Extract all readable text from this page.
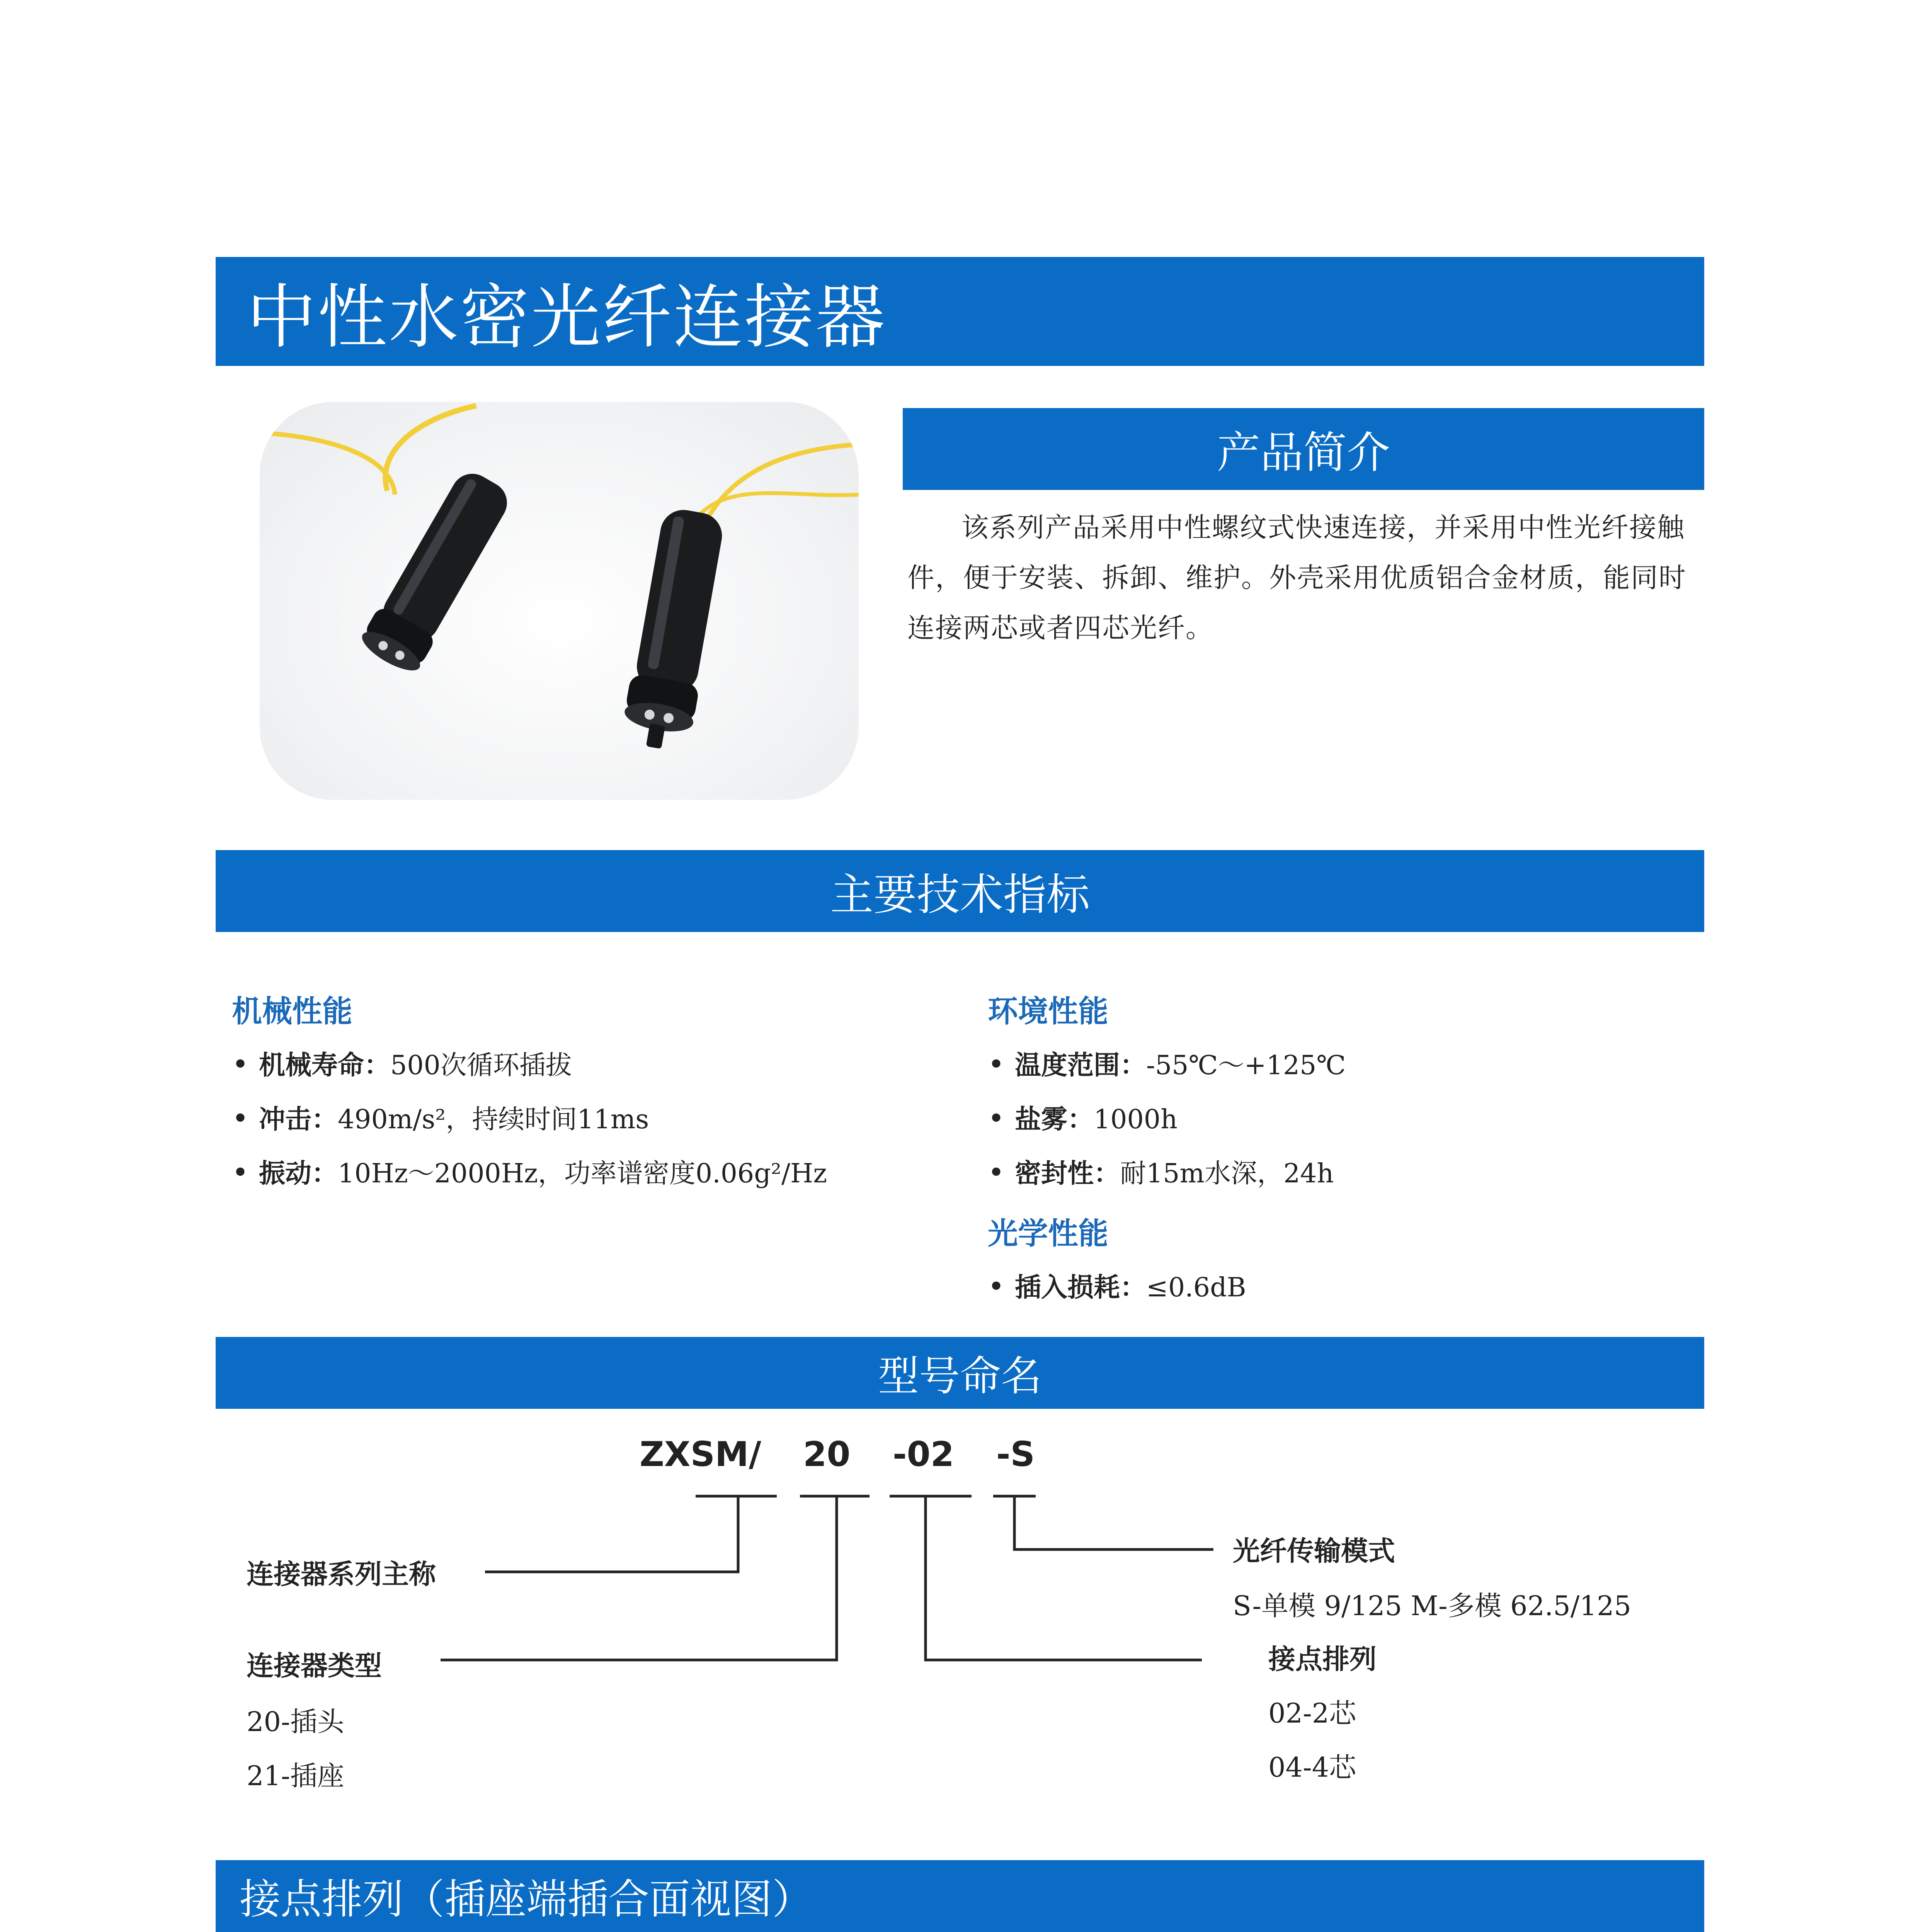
中性水密光纤连接器
产品简介
该系列产品采用中性螺纹式快速连接，并采用中性光纤接触件，便于安装、拆卸、维护。外壳采用优质铝合金材质，能同时连接两芯或者四芯光纤。
主要技术指标
机械性能
• 机械寿命：500次循环插拔
• 冲击：490m/s²，持续时间11ms
• 振动：10Hz～2000Hz，功率谱密度0.06g²/Hz
环境性能
• 温度范围：-55℃～+125℃
• 盐雾：1000h
• 密封性：耐15m水深，24h
光学性能
• 插入损耗：≤0.6dB
型号命名
ZXSM/ 20 -02 -S
连接器系列主称
连接器类型
20-插头
21-插座
光纤传输模式
S-单模 9/125 M-多模 62.5/125
接点排列
02-2芯
04-4芯
接点排列（插座端插合面视图）
